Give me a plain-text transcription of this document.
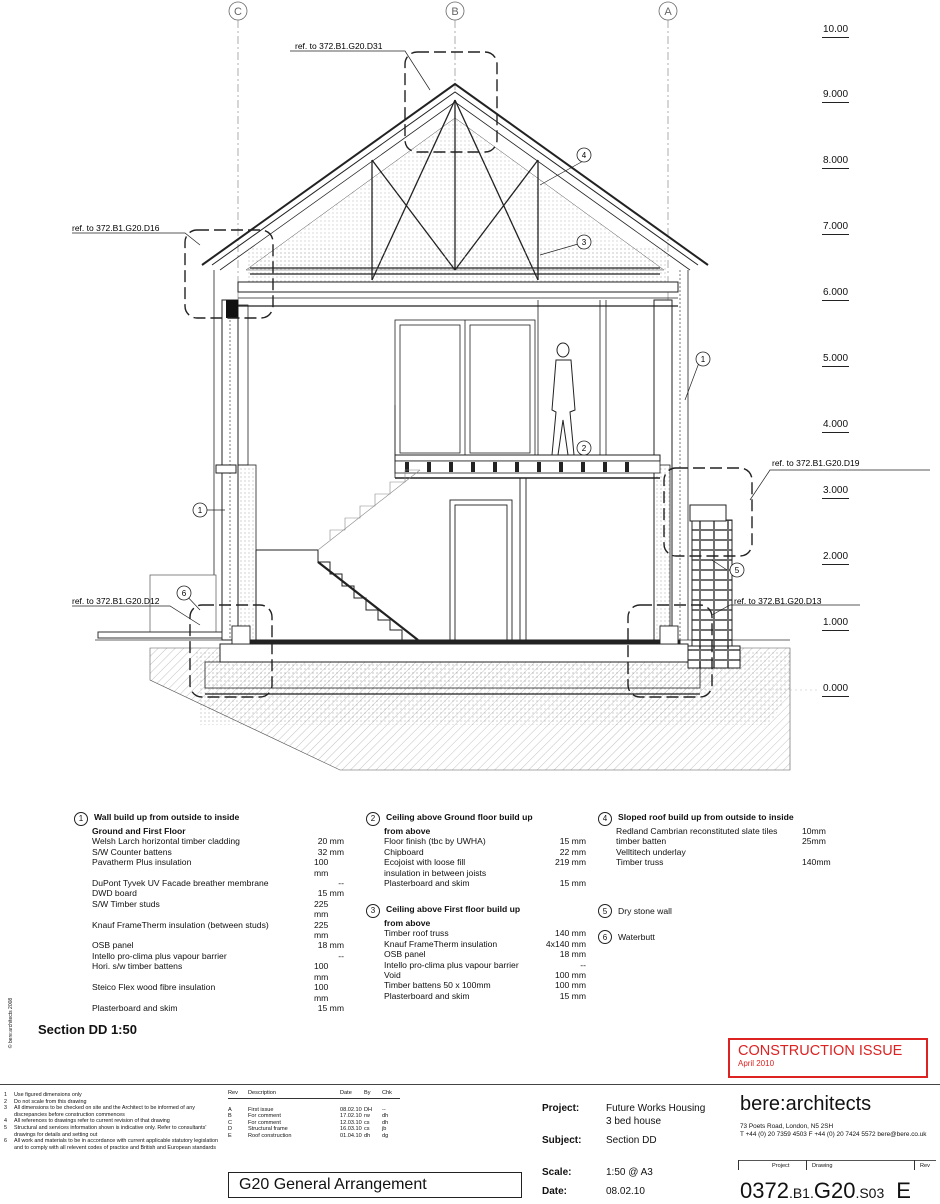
C	B	A
ref. to 372.B1.G20.D31
ref. to 372.B1.G20.D16
ref. to 372.B1.G20.D19
ref. to 372.B1.G20.D12	ref. to 372.B1.G20.D13
1
1
2
3
4
5
6
10.00
9.000
8.000
7.000
6.000
5.000
4.000
3.000
2.000
1.000
0.000
1	Wall build up from outside to inside
Ground and First Floor
Welsh Larch horizontal timber cladding	20 mm
S/W Counter battens	32 mm
Pavatherm Plus insulation	100 mm
DuPont Tyvek UV Facade breather membrane	--
DWD board	15 mm
S/W Timber studs	225 mm
Knauf FrameTherm insulation (between studs)	225 mm
OSB panel	18 mm
Intello pro-clima plus vapour barrier	--
Hori. s/w timber battens	100 mm
Steico Flex wood fibre insulation	100 mm
Plasterboard and skim	15 mm
2	Ceiling above Ground floor build up
from above
Floor finish (tbc by UWHA)	15 mm
Chipboard	22 mm
Ecojoist with loose fill	219 mm
insulation in between joists
Plasterboard and skim	15 mm
3	Ceiling above First floor build up
from above
Timber roof truss	140 mm
Knauf FrameTherm insulation	4x140 mm
OSB panel	18 mm
Intello pro-clima plus vapour barrier	--
Void	100 mm
Timber battens 50 x 100mm	100 mm
Plasterboard and skim	15 mm
4	Sloped roof build up from outside to inside
Redland Cambrian reconstituted slate tiles	10mm
timber batten	25mm
Velltitech underlay
Timber truss	140mm
5	Dry stone wall
6	Waterbutt
© bere:architects 2008 Section DD 1:50
CONSTRUCTION ISSUE
April 2010
1	Use figured dimensions only
2	Do not scale from this drawing
3	All dimensions to be checked on site and the Architect to be informed of any discrepancies before construction commences
4	All references to drawings refer to current revision of that drawing
5	Structural and services information shown is indicative only. Refer to consultants' drawings for details and setting out
6	All work and materials to be in accordance with current applicable statutory legislation and to comply with all relevent codes of practice and British and European standards
Rev	Description	Date	By	Chk
A	First issue	08.02.10 DH	--
B	For comment	17.02.10 rw	dh
C	For comment	12.03.10 cs	dh
D	Structural frame	16.03.10 cs	jb
E	Roof construction	01.04.10 dh	dg
G20 General Arrangement
Project:	Future Works Housing
3 bed house
Subject: Section DD
Scale:	1:50 @ A3
Date:	08.02.10
bere:architects
73 Poets Road, London, N5 2SH
T +44 (0) 20 7359 4503 F +44 (0) 20 7424 5572 bere@bere.co.uk
Project	Drawing	Rev
0372.B1.G20.S03 E
